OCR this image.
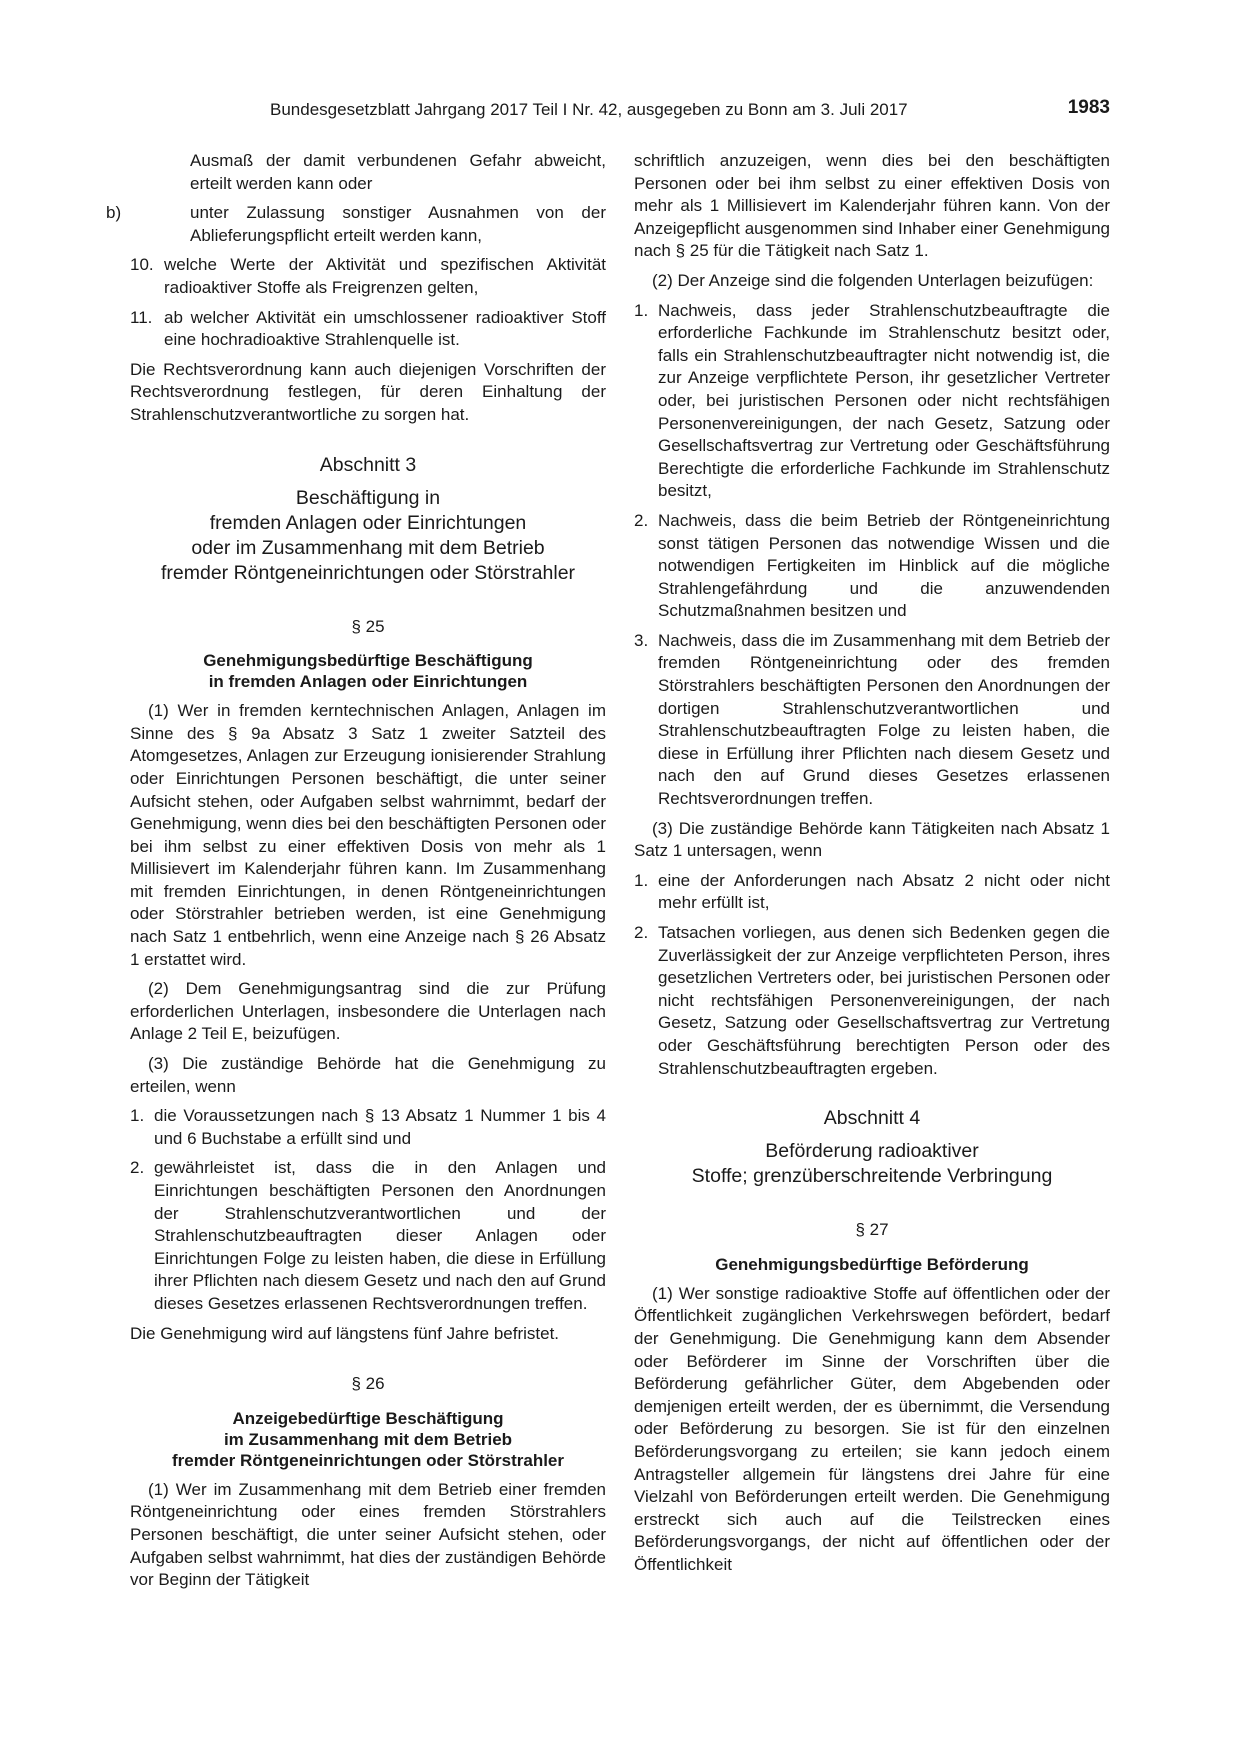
Bundesgesetzblatt Jahrgang 2017 Teil I Nr. 42, ausgegeben zu Bonn am 3. Juli 2017	1983

Ausmaß der damit verbundenen Gefahr abweicht, erteilt werden kann oder

b)	unter Zulassung sonstiger Ausnahmen von der Ablieferungspflicht erteilt werden kann,
10. welche Werte der Aktivität und spezifischen Aktivität radioaktiver Stoffe als Freigrenzen gelten,
11. ab welcher Aktivität ein umschlossener radioaktiver Stoff eine hochradioaktive Strahlenquelle ist.

Die Rechtsverordnung kann auch diejenigen Vorschriften der Rechtsverordnung festlegen, für deren Einhaltung der Strahlenschutzverantwortliche zu sorgen hat.

Abschnitt 3
Beschäftigung in
fremden Anlagen oder Einrichtungen
oder im Zusammenhang mit dem Betrieb
fremder Röntgeneinrichtungen oder Störstrahler
§ 25
Genehmigungsbedürftige Beschäftigung
in fremden Anlagen oder Einrichtungen

(1) Wer in fremden kerntechnischen Anlagen, Anlagen im Sinne des § 9a Absatz 3 Satz 1 zweiter Satzteil des Atomgesetzes, Anlagen zur Erzeugung ionisierender Strahlung oder Einrichtungen Personen beschäftigt, die unter seiner Aufsicht stehen, oder Aufgaben selbst wahrnimmt, bedarf der Genehmigung, wenn dies bei den beschäftigten Personen oder bei ihm selbst zu einer effektiven Dosis von mehr als 1 Millisievert im Kalenderjahr führen kann. Im Zusammenhang mit fremden Einrichtungen, in denen Röntgeneinrichtungen oder Störstrahler betrieben werden, ist eine Genehmigung nach Satz 1 entbehrlich, wenn eine Anzeige nach § 26 Absatz 1 erstattet wird.

(2) Dem Genehmigungsantrag sind die zur Prüfung erforderlichen Unterlagen, insbesondere die Unterlagen nach Anlage 2 Teil E, beizufügen.

(3) Die zuständige Behörde hat die Genehmigung zu erteilen, wenn

1. die Voraussetzungen nach § 13 Absatz 1 Nummer 1 bis 4 und 6 Buchstabe a erfüllt sind und
2. gewährleistet ist, dass die in den Anlagen und Einrichtungen beschäftigten Personen den Anordnungen der Strahlenschutzverantwortlichen und der Strahlenschutzbeauftragten dieser Anlagen oder Einrichtungen Folge zu leisten haben, die diese in Erfüllung ihrer Pflichten nach diesem Gesetz und nach den auf Grund dieses Gesetzes erlassenen Rechtsverordnungen treffen.

Die Genehmigung wird auf längstens fünf Jahre befristet.

§ 26
Anzeigebedürftige Beschäftigung
im Zusammenhang mit dem Betrieb
fremder Röntgeneinrichtungen oder Störstrahler

(1) Wer im Zusammenhang mit dem Betrieb einer fremden Röntgeneinrichtung oder eines fremden Störstrahlers Personen beschäftigt, die unter seiner Aufsicht stehen, oder Aufgaben selbst wahrnimmt, hat dies der zuständigen Behörde vor Beginn der Tätigkeit

schriftlich anzuzeigen, wenn dies bei den beschäftigten Personen oder bei ihm selbst zu einer effektiven Dosis von mehr als 1 Millisievert im Kalenderjahr führen kann. Von der Anzeigepflicht ausgenommen sind Inhaber einer Genehmigung nach § 25 für die Tätigkeit nach Satz 1.

(2) Der Anzeige sind die folgenden Unterlagen beizufügen:

1. Nachweis, dass jeder Strahlenschutzbeauftragte die erforderliche Fachkunde im Strahlenschutz besitzt oder, falls ein Strahlenschutzbeauftragter nicht notwendig ist, die zur Anzeige verpflichtete Person, ihr gesetzlicher Vertreter oder, bei juristischen Personen oder nicht rechtsfähigen Personenvereinigungen, der nach Gesetz, Satzung oder Gesellschaftsvertrag zur Vertretung oder Geschäftsführung Berechtigte die erforderliche Fachkunde im Strahlenschutz besitzt,
2. Nachweis, dass die beim Betrieb der Röntgeneinrichtung sonst tätigen Personen das notwendige Wissen und die notwendigen Fertigkeiten im Hinblick auf die mögliche Strahlengefährdung und die anzuwendenden Schutzmaßnahmen besitzen und
3. Nachweis, dass die im Zusammenhang mit dem Betrieb der fremden Röntgeneinrichtung oder des fremden Störstrahlers beschäftigten Personen den Anordnungen der dortigen Strahlenschutzverantwortlichen und Strahlenschutzbeauftragten Folge zu leisten haben, die diese in Erfüllung ihrer Pflichten nach diesem Gesetz und nach den auf Grund dieses Gesetzes erlassenen Rechtsverordnungen treffen.

(3) Die zuständige Behörde kann Tätigkeiten nach Absatz 1 Satz 1 untersagen, wenn

1. eine der Anforderungen nach Absatz 2 nicht oder nicht mehr erfüllt ist,
2. Tatsachen vorliegen, aus denen sich Bedenken gegen die Zuverlässigkeit der zur Anzeige verpflichteten Person, ihres gesetzlichen Vertreters oder, bei juristischen Personen oder nicht rechtsfähigen Personenvereinigungen, der nach Gesetz, Satzung oder Gesellschaftsvertrag zur Vertretung oder Geschäftsführung berechtigten Person oder des Strahlenschutzbeauftragten ergeben.
Abschnitt 4
Beförderung radioaktiver
Stoffe; grenzüberschreitende Verbringung
§ 27
Genehmigungsbedürftige Beförderung

(1) Wer sonstige radioaktive Stoffe auf öffentlichen oder der Öffentlichkeit zugänglichen Verkehrswegen befördert, bedarf der Genehmigung. Die Genehmigung kann dem Absender oder Beförderer im Sinne der Vorschriften über die Beförderung gefährlicher Güter, dem Abgebenden oder demjenigen erteilt werden, der es übernimmt, die Versendung oder Beförderung zu besorgen. Sie ist für den einzelnen Beförderungsvorgang zu erteilen; sie kann jedoch einem Antragsteller allgemein für längstens drei Jahre für eine Vielzahl von Beförderungen erteilt werden. Die Genehmigung erstreckt sich auch auf die Teilstrecken eines Beförderungsvorgangs, der nicht auf öffentlichen oder der Öffentlichkeit
